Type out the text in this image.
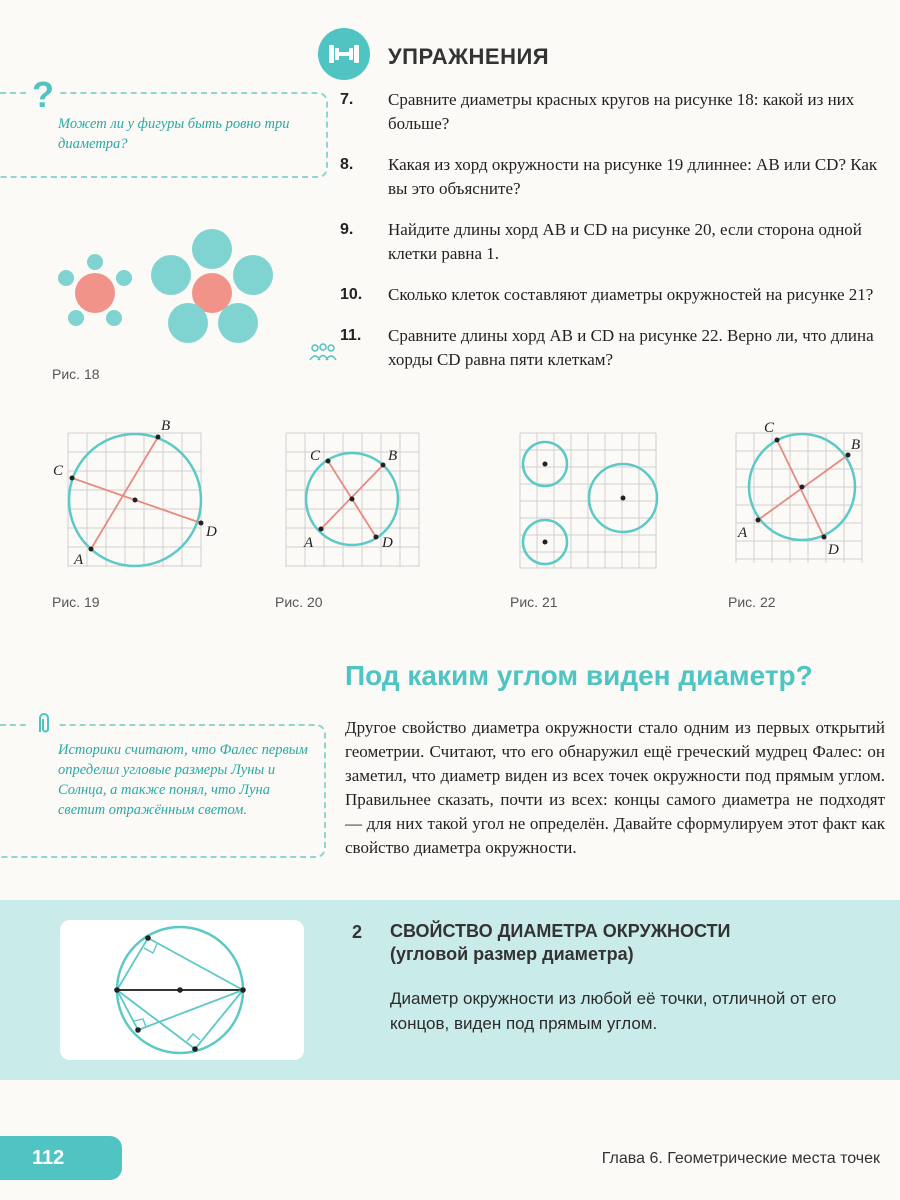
УПРАЖНЕНИЯ
7. Сравните диаметры красных кругов на рисунке 18: какой из них больше?
8. Какая из хорд окружности на рисунке 19 длиннее: AB или CD? Как вы это объясните?
9. Найдите длины хорд AB и CD на рисунке 20, если сторона одной клетки равна 1.
10. Сколько клеток составляют диаметры окружностей на рисунке 21?
11. Сравните длины хорд AB и CD на рисунке 22. Верно ли, что длина хорды CD равна пяти клеткам?
?
Может ли у фигуры быть ровно три диаметра?
Рис. 18
C
D
A
B
Рис. 19
C	B
A	D
Рис. 20	Рис. 21
C
B
A
D
Рис. 22
Под каким углом виден диаметр?
Другое свойство диаметра окружности стало одним из первых открытий геометрии. Считают, что его обнаружил ещё греческий мудрец Фалес: он заметил, что диаметр виден из всех точек окружности под прямым углом. Правильнее сказать, почти из всех: концы самого диаметра не подходят — для них такой угол не определён. Давайте сформулируем этот факт как свойство диаметра окружности.
Историки считают, что Фалес первым определил угловые размеры Луны и Солнца, а также понял, что Луна светит отражённым светом.
2 СВОЙСТВО ДИАМЕТРА ОКРУЖНОСТИ
(угловой размер диаметра)
Диаметр окружности из любой её точки, отличной от его концов, виден под прямым углом.
112	Глава 6. Геометрические места точек
